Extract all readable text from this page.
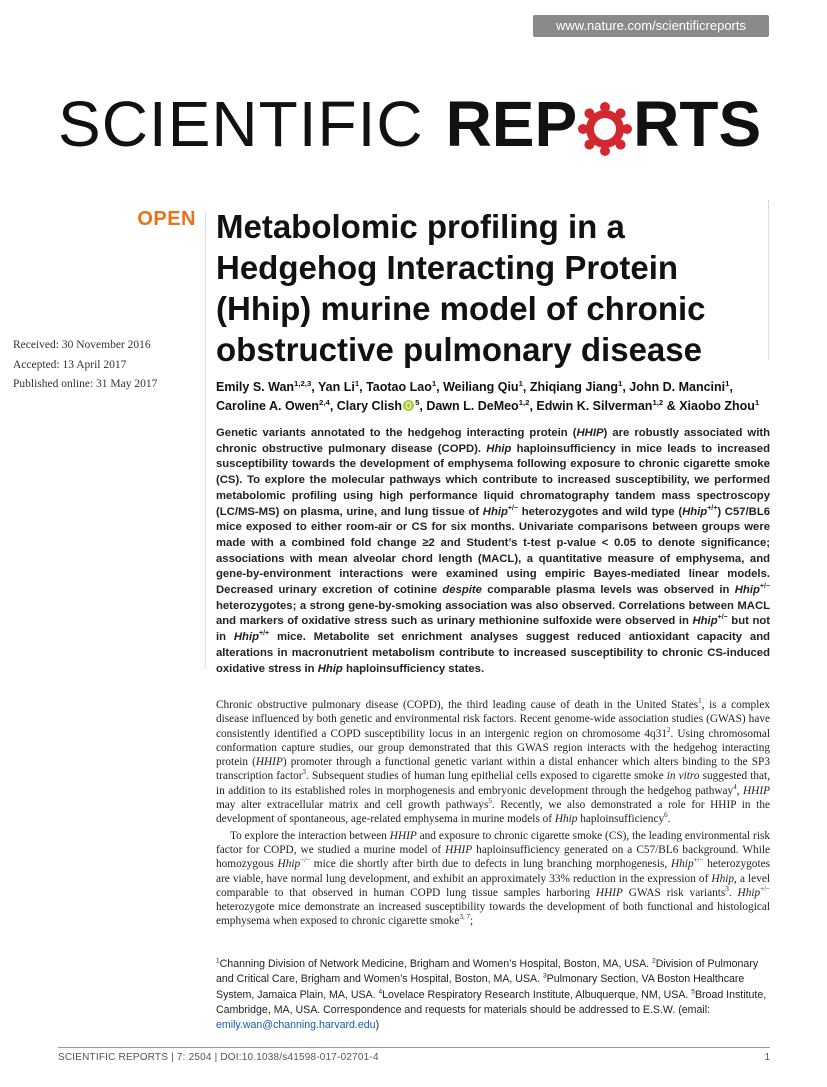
www.nature.com/scientificreports
SCIENTIFIC REP RTS
OPEN Metabolomic profiling in a Hedgehog Interacting Protein (Hhip) murine model of chronic obstructive pulmonary disease
Received: 30 November 2016
Accepted: 13 April 2017
Published online: 31 May 2017	Emily S. Wan$^{1,2,3}$, Yan Li$^1$, Taotao Lao$^1$, Weiliang Qiu$^1$, Zhiqiang Jiang$^1$, John D. Mancini$^1$, Caroline A. Owen$^{2,4}$, Clary Clish $^5$, Dawn L. DeMeo$^{1,2}$, Edwin K. Silverman$^{1,2}$ & Xiaobo Zhou$^1$

Genetic variants annotated to the hedgehog interacting protein (HHIP) are robustly associated with chronic obstructive pulmonary disease (COPD). Hhip haploinsufficiency in mice leads to increased susceptibility towards the development of emphysema following exposure to chronic cigarette smoke (CS). To explore the molecular pathways which contribute to increased susceptibility, we performed metabolomic profiling using high performance liquid chromatography tandem mass spectroscopy (LC/MS-MS) on plasma, urine, and lung tissue of Hhip+/− heterozygotes and wild type (Hhip+/+) C57/BL6 mice exposed to either room-air or CS for six months. Univariate comparisons between groups were made with a combined fold change ≥2 and Student’s t-test p-value < 0.05 to denote significance; associations with mean alveolar chord length (MACL), a quantitative measure of emphysema, and gene-by-environment interactions were examined using empiric Bayes-mediated linear models. Decreased urinary excretion of cotinine despite comparable plasma levels was observed in Hhip+/− heterozygotes; a strong gene-by-smoking association was also observed. Correlations between MACL and markers of oxidative stress such as urinary methionine sulfoxide were observed in Hhip+/− but not in Hhip+/+ mice. Metabolite set enrichment analyses suggest reduced antioxidant capacity and alterations in macronutrient metabolism contribute to increased susceptibility to chronic CS-induced oxidative stress in Hhip haploinsufficiency states.

Chronic obstructive pulmonary disease (COPD), the third leading cause of death in the United States$^1$, is a complex disease influenced by both genetic and environmental risk factors. Recent genome-wide association studies (GWAS) have consistently identified a COPD susceptibility locus in an intergenic region on chromosome $4q31^2$. Using chromosomal conformation capture studies, our group demonstrated that this GWAS region interacts with the hedgehog interacting protein (HHIP) promoter through a functional genetic variant within a distal enhancer which alters binding to the SP3 transcription factor$^3$. Subsequent studies of human lung epithelial cells exposed to cigarette smoke in vitro suggested that, in addition to its established roles in morphogenesis and embryonic development through the hedgehog pathway$^4$, HHIP may alter extracellular matrix and cell growth pathways$^5$. Recently, we also demonstrated a role for HHIP in the development of spontaneous, age-related emphysema in murine models of Hhip haploinsufficiency$^6$.

To explore the interaction between HHIP and exposure to chronic cigarette smoke (CS), the leading environmental risk factor for COPD, we studied a murine model of HHIP haploinsufficiency generated on a C57/BL6 background. While homozygous Hhip−/− mice die shortly after birth due to defects in lung branching morphogenesis, Hhip+/− heterozygotes are viable, have normal lung development, and exhibit an approximately 33% reduction in the expression of Hhip, a level comparable to that observed in human COPD lung tissue samples harboring HHIP GWAS risk variants$^3$. Hhip+/− heterozygote mice demonstrate an increased susceptibility towards the development of both functional and histological emphysema when exposed to chronic cigarette smoke$^{3, 7}$;

$^1$Channing Division of Network Medicine, Brigham and Women’s Hospital, Boston, MA, USA. $^2$Division of Pulmonary and Critical Care, Brigham and Women’s Hospital, Boston, MA, USA. $^3$Pulmonary Section, VA Boston Healthcare System, Jamaica Plain, MA, USA. $^4$Lovelace Respiratory Research Institute, Albuquerque, NM, USA. $^5$Broad Institute, Cambridge, MA, USA. Correspondence and requests for materials should be addressed to E.S.W. (email: emily.wan@channing.harvard.edu)

SCIENTIFIC REPORTS | 7: 2504 | DOI:10.1038/s41598-017-02701-4	1
